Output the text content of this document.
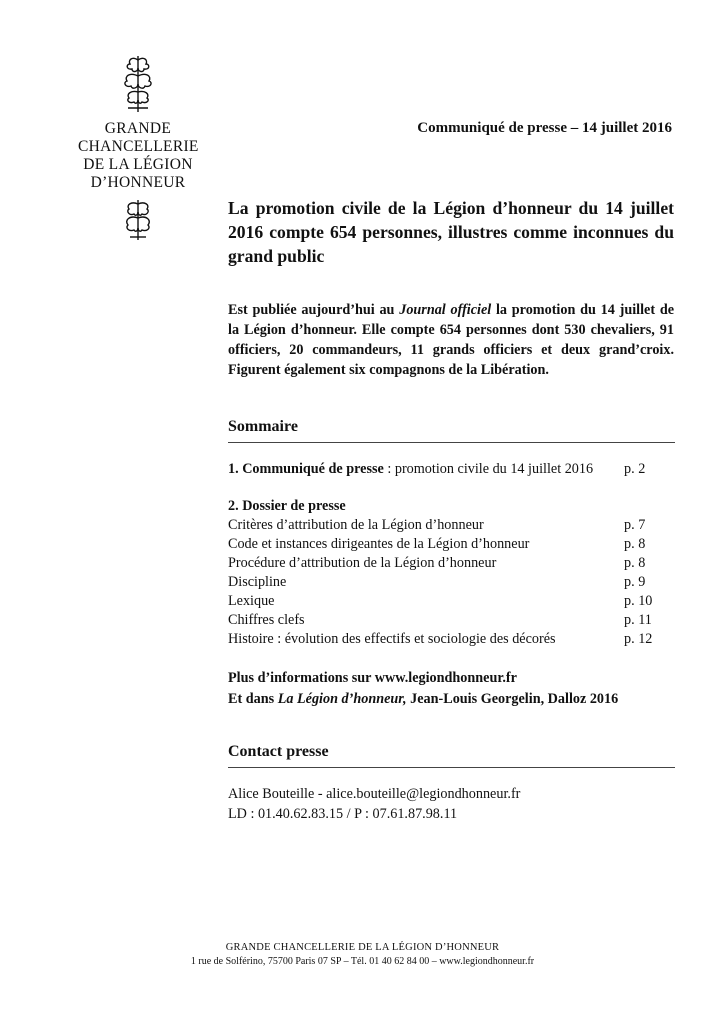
GRANDE
CHANCELLERIE
DE LA LÉGION
D’HONNEUR
Communiqué de presse – 14 juillet 2016
La promotion civile de la Légion d’honneur du 14 juillet 2016 compte 654 personnes, illustres comme inconnues du grand public
Est publiée aujourd’hui au Journal officiel la promotion du 14 juillet de la Légion d’honneur. Elle compte 654 personnes dont 530 chevaliers, 91 officiers, 20 commandeurs, 11 grands officiers et deux grand’croix. Figurent également six compagnons de la Libération.
Sommaire
1. Communiqué de presse : promotion civile du 14 juillet 2016 p. 2
2. Dossier de presse
Critères d’attribution de la Légion d’honneur	p. 7
Code et instances dirigeantes de la Légion d’honneur	p. 8
Procédure d’attribution de la Légion d’honneur	p. 8
Discipline	p. 9
Lexique	p. 10
Chiffres clefs	p. 11
Histoire : évolution des effectifs et sociologie des décorés	p. 12
Plus d’informations sur www.legiondhonneur.fr
Et dans La Légion d’honneur, Jean-Louis Georgelin, Dalloz 2016
Contact presse
Alice Bouteille - alice.bouteille@legiondhonneur.fr
LD : 01.40.62.83.15 / P : 07.61.87.98.11
GRANDE CHANCELLERIE DE LA LÉGION D’HONNEUR
1 rue de Solférino, 75700 Paris 07 SP – Tél. 01 40 62 84 00 – www.legiondhonneur.fr
